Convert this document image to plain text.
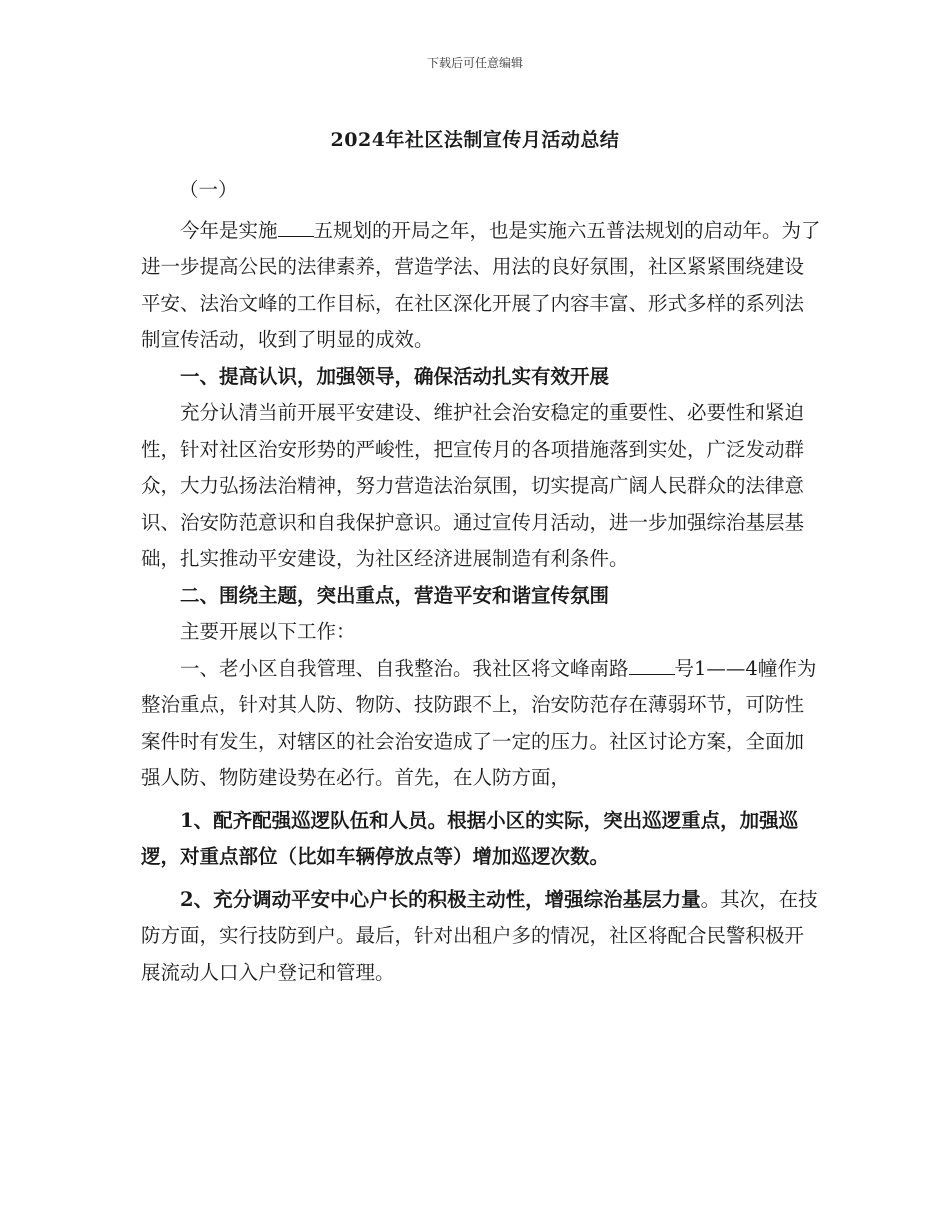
下载后可任意编辑
2024年社区法制宣传月活动总结

（一）

今年是实施 五规划的开局之年，也是实施六五普法规划的启动年。为了进一步提高公民的法律素养，营造学法、用法的良好氛围，社区紧紧围绕建设平安、法治文峰的工作目标，在社区深化开展了内容丰富、形式多样的系列法制宣传活动，收到了明显的成效。

一、提高认识，加强领导，确保活动扎实有效开展

充分认清当前开展平安建设、维护社会治安稳定的重要性、必要性和紧迫性，针对社区治安形势的严峻性，把宣传月的各项措施落到实处，广泛发动群众，大力弘扬法治精神，努力营造法治氛围，切实提高广阔人民群众的法律意识、治安防范意识和自我保护意识。通过宣传月活动，进一步加强综治基层基础，扎实推动平安建设，为社区经济进展制造有利条件。

二、围绕主题，突出重点，营造平安和谐宣传氛围

主要开展以下工作：

一、老小区自我管理、自我整治。我社区将文峰南路 号1——4幢作为整治重点，针对其人防、物防、技防跟不上，治安防范存在薄弱环节，可防性案件时有发生，对辖区的社会治安造成了一定的压力。社区讨论方案，全面加强人防、物防建设势在必行。首先，在人防方面，

1、配齐配强巡逻队伍和人员。根据小区的实际，突出巡逻重点，加强巡逻，对重点部位（比如车辆停放点等）增加巡逻次数。

2、充分调动平安中心户长的积极主动性，增强综治基层力量。其次，在技防方面，实行技防到户。最后，针对出租户多的情况，社区将配合民警积极开展流动人口入户登记和管理。
